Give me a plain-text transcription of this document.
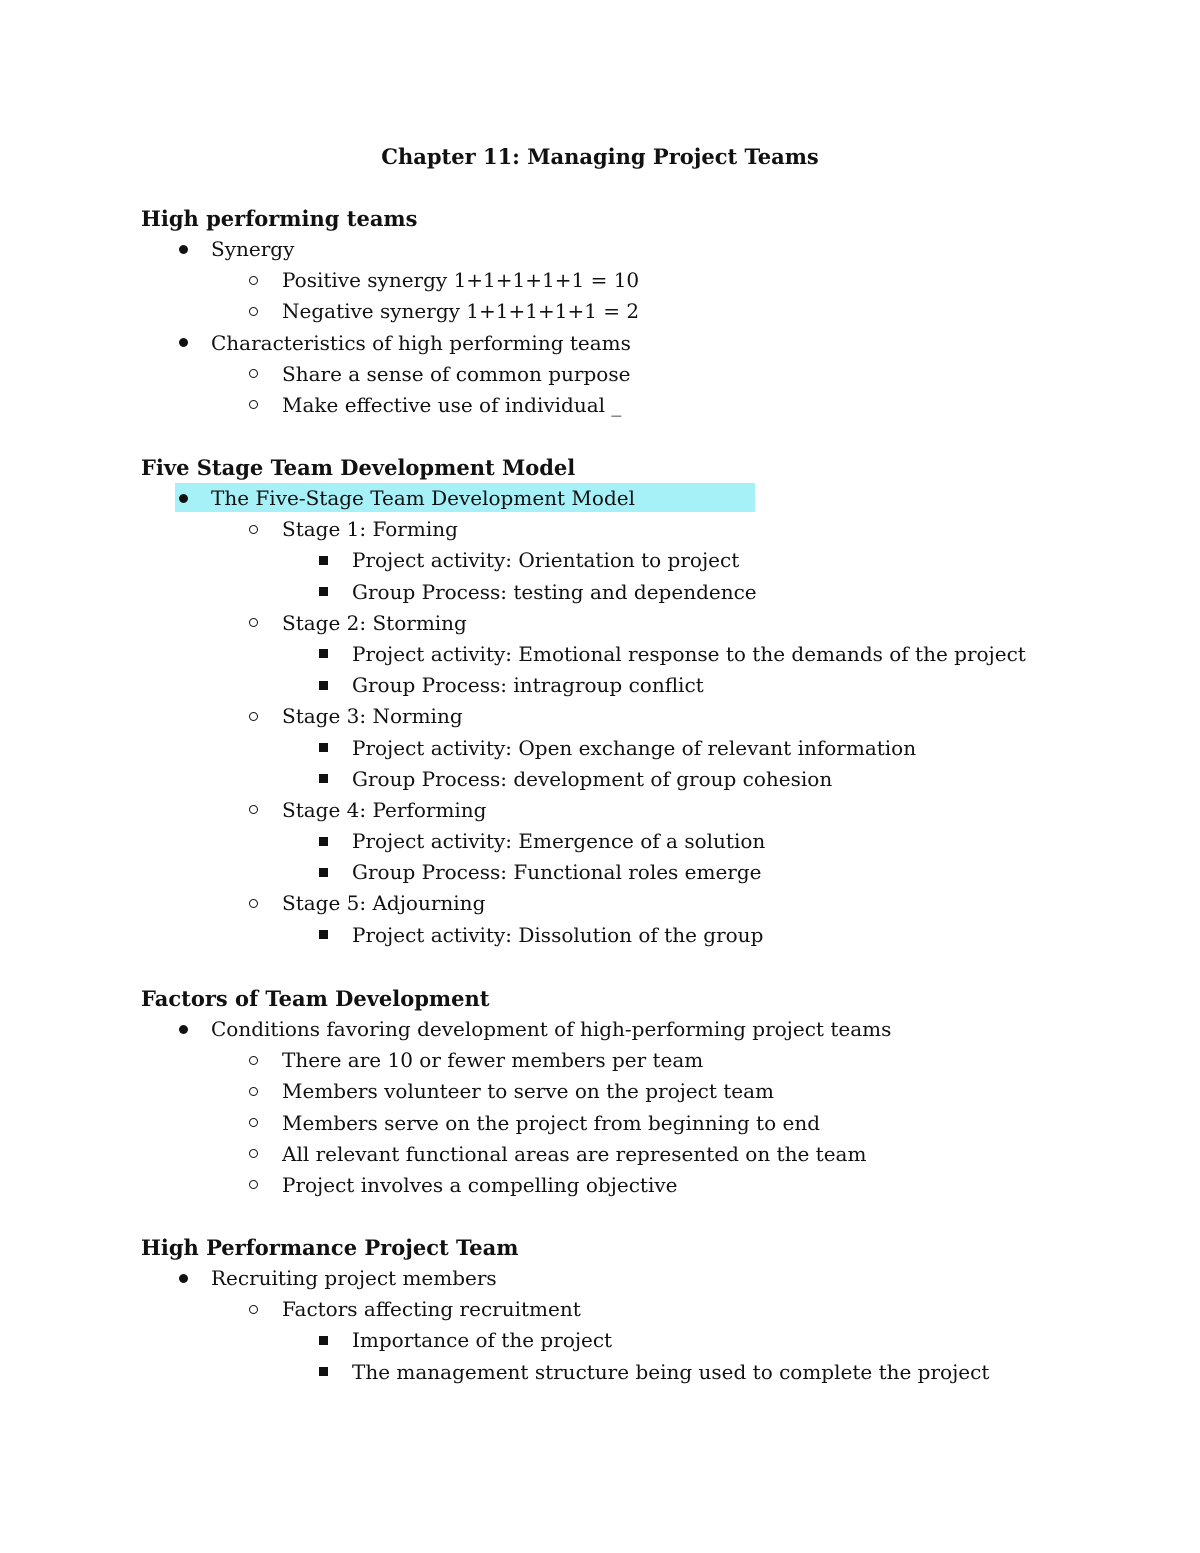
Chapter 11: Managing Project Teams
High performing teams
Synergy
Positive synergy 1+1+1+1+1 = 10
Negative synergy 1+1+1+1+1 = 2
Characteristics of high performing teams
Share a sense of common purpose
Make effective use of individual _
Five Stage Team Development Model
The Five-Stage Team Development Model
Stage 1: Forming
Project activity: Orientation to project
Group Process: testing and dependence
Stage 2: Storming
Project activity: Emotional response to the demands of the project
Group Process: intragroup conflict
Stage 3: Norming
Project activity: Open exchange of relevant information
Group Process: development of group cohesion
Stage 4: Performing
Project activity: Emergence of a solution
Group Process: Functional roles emerge
Stage 5: Adjourning
Project activity: Dissolution of the group
Factors of Team Development
Conditions favoring development of high-performing project teams
There are 10 or fewer members per team
Members volunteer to serve on the project team
Members serve on the project from beginning to end
All relevant functional areas are represented on the team
Project involves a compelling objective
High Performance Project Team
Recruiting project members
Factors affecting recruitment
Importance of the project
The management structure being used to complete the project
